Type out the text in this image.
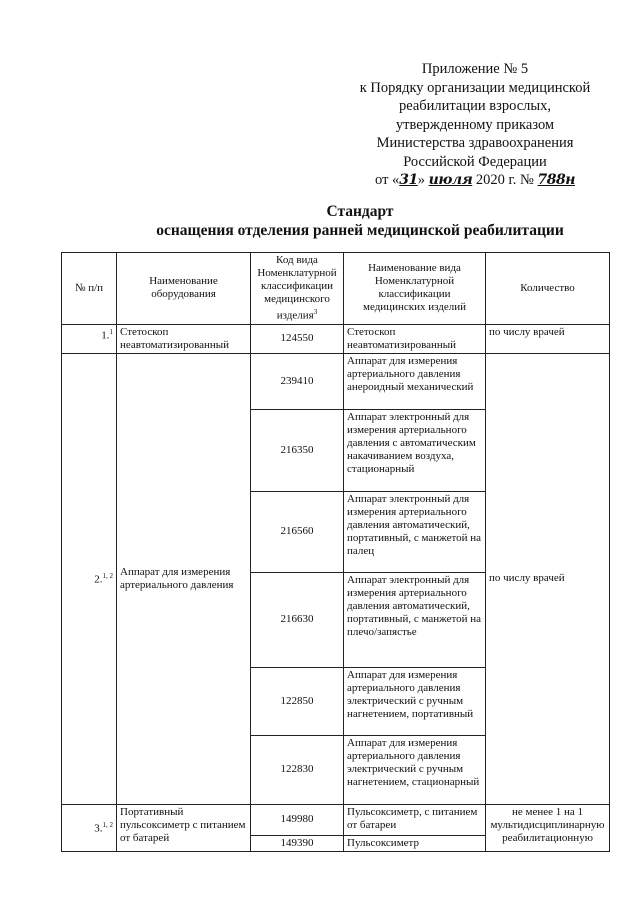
Приложение № 5
к Порядку организации медицинской
реабилитации взрослых,
утвержденному приказом
Министерства здравоохранения
Российской Федерации
от «31» июля 2020 г. № 788н
Стандарт
оснащения отделения ранней медицинской реабилитации
№ п/п	Наименование оборудования	Код вида Номенклатурной классификации медицинского изделия$^3$	Наименование вида Номенклатурной классификации медицинских изделий	Количество
1.$^1$	Стетоскоп неавтоматизированный	124550	Стетоскоп неавтоматизированный	по числу врачей
2.$^{1, 2}$	Аппарат для измерения артериального давления	239410	Аппарат для измерения артериального давления анероидный механический	по числу врачей
		216350	Аппарат электронный для измерения артериального давления с автоматическим накачиванием воздуха, стационарный	
		216560	Аппарат электронный для измерения артериального давления автоматический, портативный, с манжетой на палец	
		216630	Аппарат электронный для измерения артериального давления автоматический, портативный, с манжетой на плечо/запястье	
		122850	Аппарат для измерения артериального давления электрический с ручным нагнетением, портативный	
		122830	Аппарат для измерения артериального давления электрический с ручным нагнетением, стационарный	
3.$^{1, 2}$	Портативный пульсоксиметр с питанием от батарей	149980	Пульсоксиметр, с питанием от батареи	не менее 1 на 1 мультидисциплинарную реабилитационную
		149390	Пульсоксиметр	
